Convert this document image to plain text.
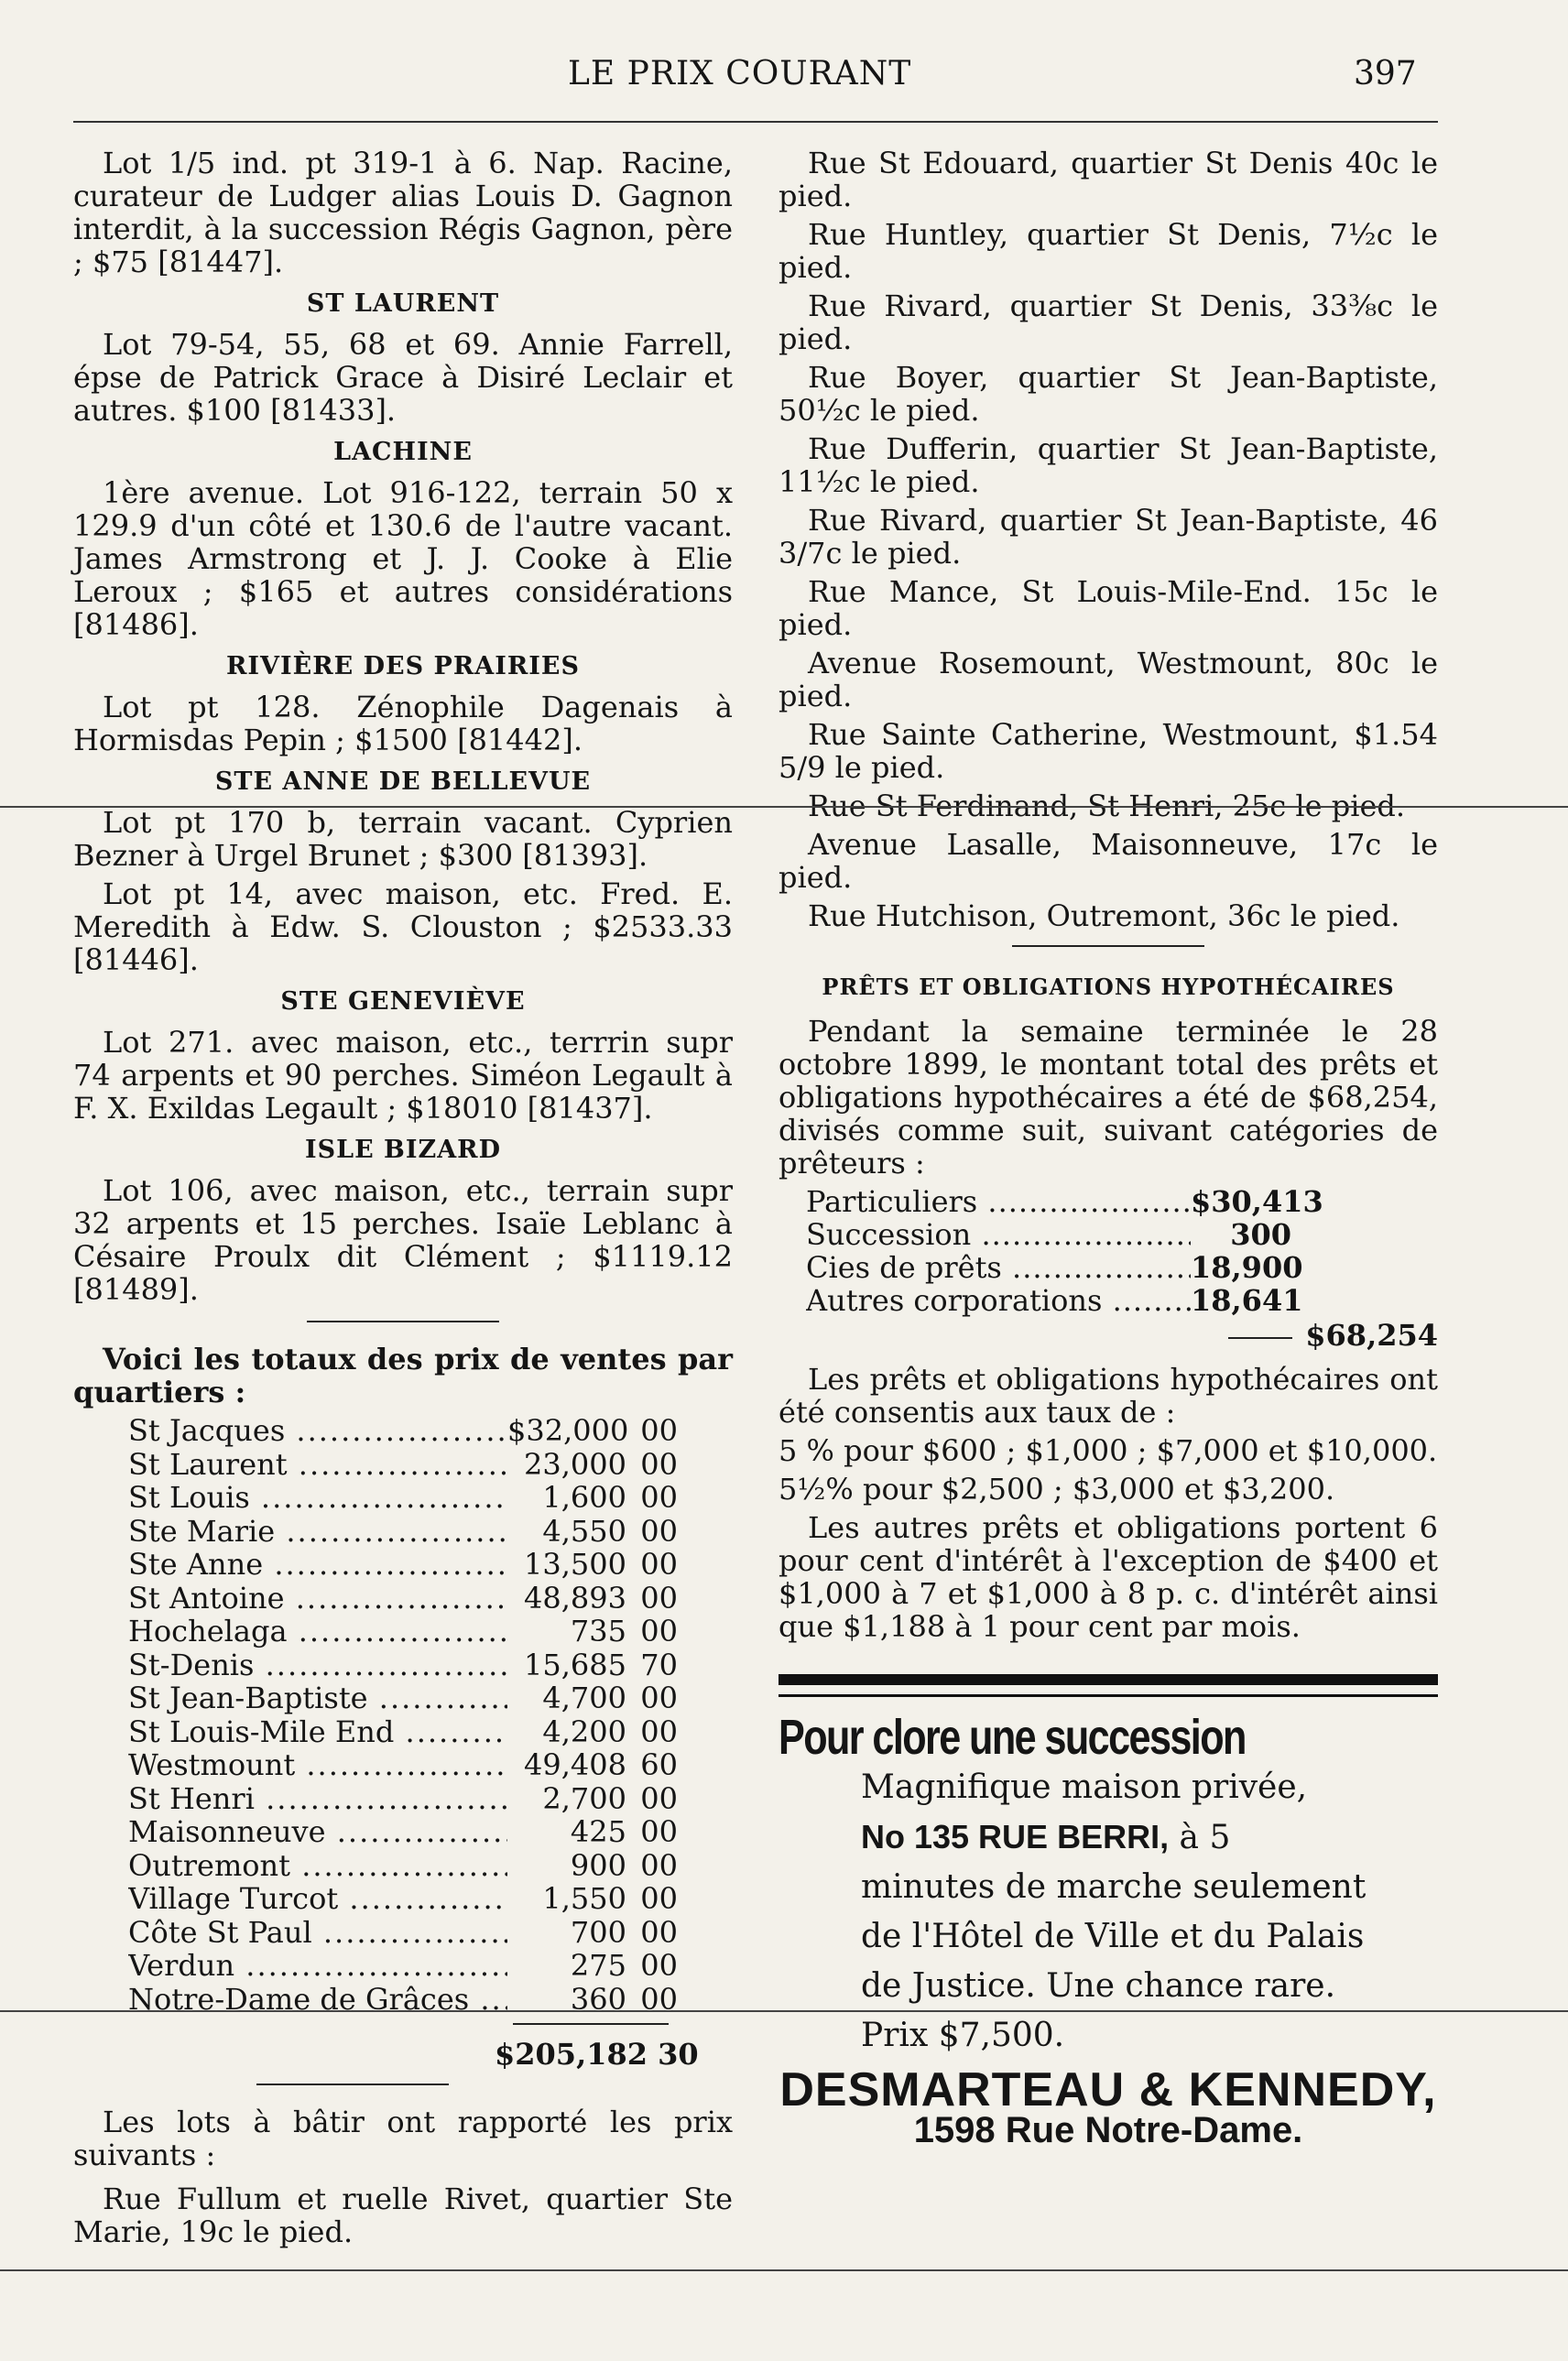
LE PRIX COURANT	397

Lot 1/5 ind. pt 319-1 à 6. Nap. Racine, curateur de Ludger alias Louis D. Gagnon interdit, à la succession Régis Gagnon, père ; $75 [81447].

ST LAURENT

Lot 79-54, 55, 68 et 69. Annie Farrell, épse de Patrick Grace à Disiré Leclair et autres. $100 [81433].

LACHINE

1ère avenue. Lot 916-122, terrain 50 x 129.9 d'un côté et 130.6 de l'autre vacant. James Armstrong et J. J. Cooke à Elie Leroux ; $165 et autres considérations [81486].

RIVIÈRE DES PRAIRIES

Lot pt 128. Zénophile Dagenais à Hormisdas Pepin ; $1500 [81442].

STE ANNE DE BELLEVUE

Lot pt 170 b, terrain vacant. Cyprien Bezner à Urgel Brunet ; $300 [81393].

Lot pt 14, avec maison, etc. Fred. E. Meredith à Edw. S. Clouston ; $2533.33 [81446].

STE GENEVIÈVE

Lot 271. avec maison, etc., terrrin supr 74 arpents et 90 perches. Siméon Legault à F. X. Exildas Legault ; $18010 [81437].

ISLE BIZARD

Lot 106, avec maison, etc., terrain supr 32 arpents et 15 perches. Isaïe Leblanc à Césaire Proulx dit Clément ; $1119.12 [81489].

Voici les totaux des prix de ventes par quartiers :

St Jacques .....	$32,000 00
St Laurent .....	23,000 00
St Louis .....	1,600 00
Ste Marie .....	4,550 00
Ste Anne .....	13,500 00
St Antoine .....	48,893 00
Hochelaga .....	735 00
St-Denis .....	15,685 70
St Jean-Baptiste .....	4,700 00
St Louis-Mile End .....	4,200 00
Westmount .....	49,408 60
St Henri .....	2,700 00
Maisonneuve .....	425 00
Outremont .....	900 00
Village Turcot .....	1,550 00
Côte St Paul .....	700 00
Verdun .....	275 00
Notre-Dame de Grâces .....	360 00
$205,182 30

Les lots à bâtir ont rapporté les prix suivants :

Rue Fullum et ruelle Rivet, quartier Ste Marie, 19c le pied.

Rue St Edouard, quartier St Denis 40c le pied.

Rue Huntley, quartier St Denis, 7½c le pied.

Rue Rivard, quartier St Denis, 33⅜c le pied.

Rue Boyer, quartier St Jean-Baptiste, 50½c le pied.

Rue Dufferin, quartier St Jean-Baptiste, 11½c le pied.

Rue Rivard, quartier St Jean-Baptiste, 46 3/7c le pied.

Rue Mance, St Louis-Mile-End. 15c le pied.

Avenue Rosemount, Westmount, 80c le pied.

Rue Sainte Catherine, Westmount, $1.54 5/9 le pied.

Rue St Ferdinand, St Henri, 25c le pied.

Avenue Lasalle, Maisonneuve, 17c le pied.

Rue Hutchison, Outremont, 36c le pied.

PRÊTS ET OBLIGATIONS HYPOTHÉCAIRES

Pendant la semaine terminée le 28 octobre 1899, le montant total des prêts et obligations hypothécaires a été de $68,254, divisés comme suit, suivant catégories de prêteurs :

Particuliers .....	$30,413
Succession .....	300
Cies de prêts .....	18,900
Autres corporations .....	18,641
$68,254

Les prêts et obligations hypothécaires ont été consentis aux taux de :

5 % pour $600 ; $1,000 ; $7,000 et $10,000.

5½% pour $2,500 ; $3,000 et $3,200.

Les autres prêts et obligations portent 6 pour cent d'intérêt à l'exception de $400 et $1,000 à 7 et $1,000 à 8 p. c. d'intérêt ainsi que $1,188 à 1 pour cent par mois.

Pour clore une succession
Magnifique maison privée,
No 135 RUE BERRI, à 5 minutes de marche seulement de l'Hôtel de Ville et du Palais de Justice. Une chance rare. Prix $7,500.
DESMARTEAU & KENNEDY,
1598 Rue Notre-Dame.
